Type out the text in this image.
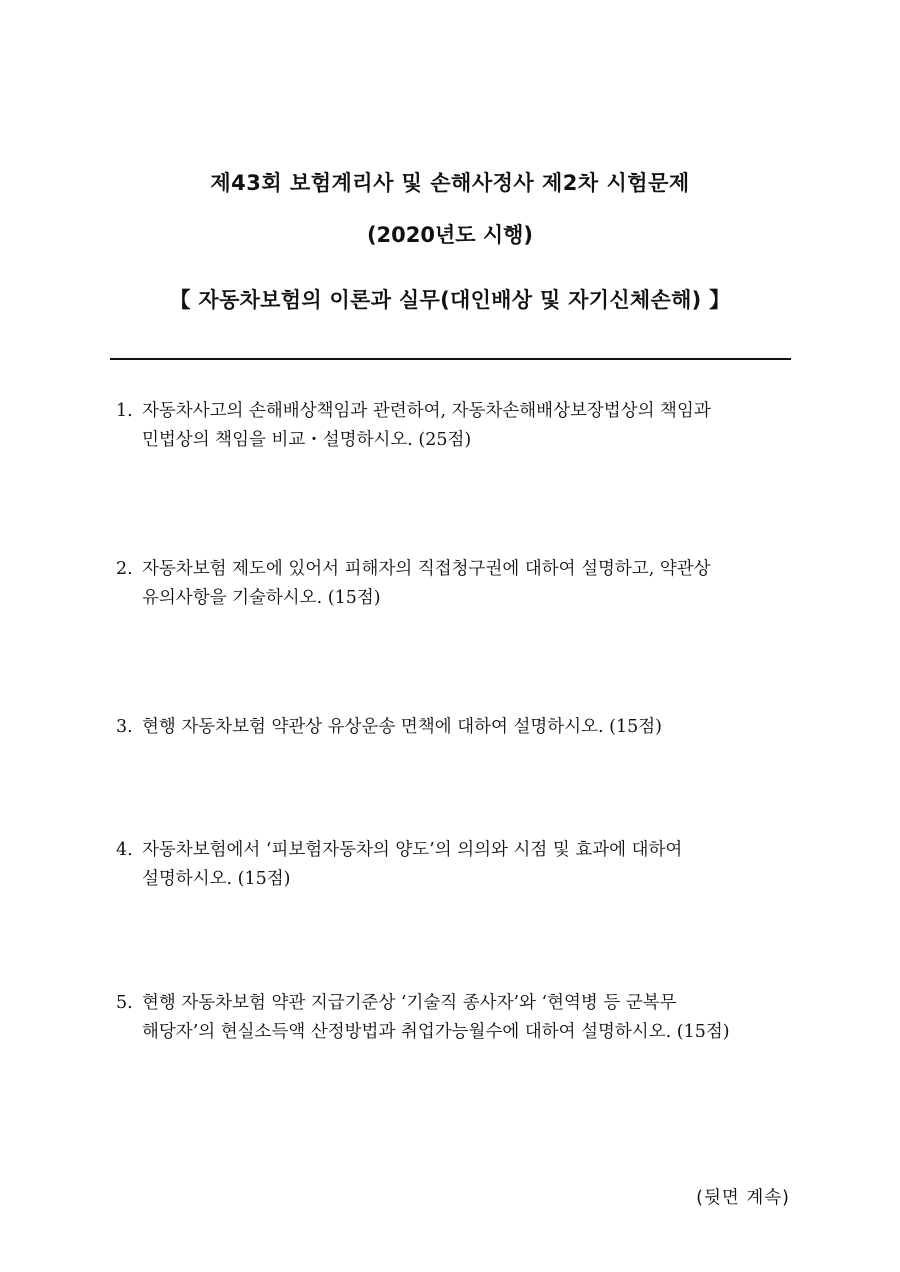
제43회 보험계리사 및 손해사정사 제2차 시험문제
(2020년도 시행)
【 자동차보험의 이론과 실무(대인배상 및 자기신체손해) 】
1. 자동차사고의 손해배상책임과 관련하여, 자동차손해배상보장법상의 책임과
민법상의 책임을 비교・설명하시오. (25점)
2. 자동차보험 제도에 있어서 피해자의 직접청구권에 대하여 설명하고, 약관상
유의사항을 기술하시오. (15점)
3. 현행 자동차보험 약관상 유상운송 면책에 대하여 설명하시오. (15점)
4. 자동차보험에서 ‘피보험자동차의 양도’의 의의와 시점 및 효과에 대하여
설명하시오. (15점)
5. 현행 자동차보험 약관 지급기준상 ‘기술직 종사자’와 ‘현역병 등 군복무
해당자’의 현실소득액 산정방법과 취업가능월수에 대하여 설명하시오. (15점)
(뒷면 계속)
